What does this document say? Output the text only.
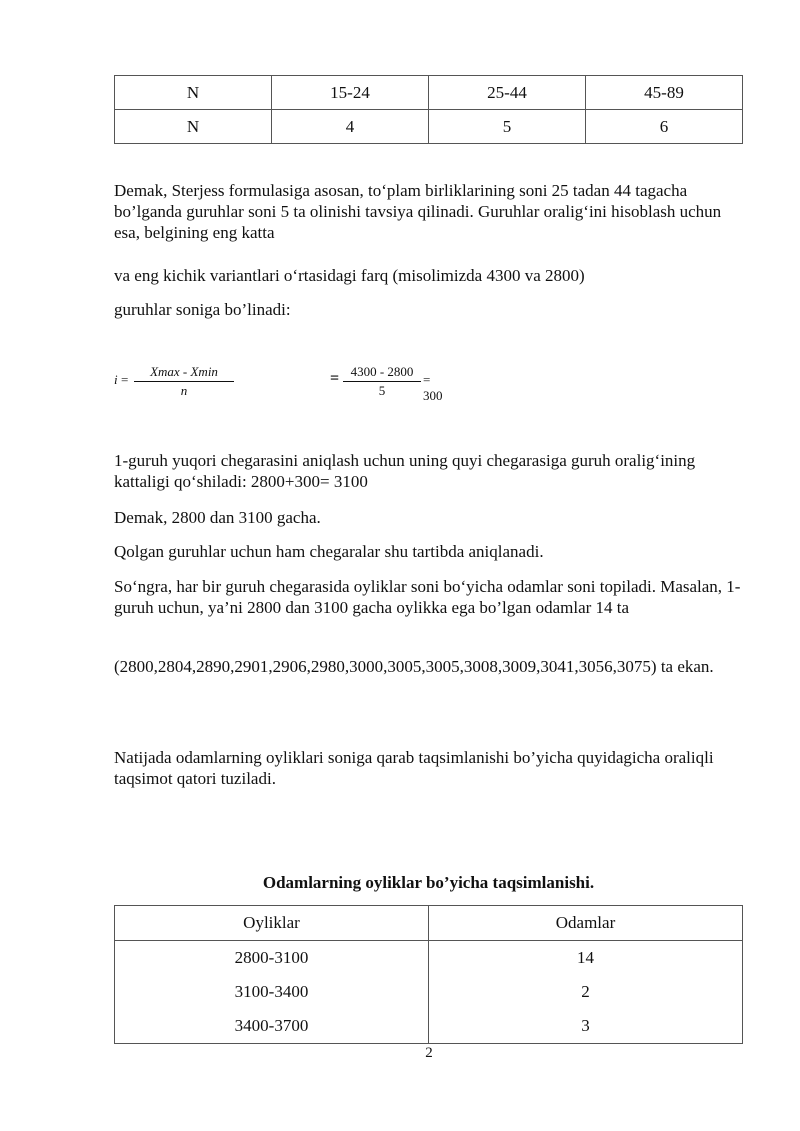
N	15-24	25-44	45-89
N	4	5	6

Demak, Sterjess formulasiga asosan, to‘plam birliklarining soni 25 tadan 44 tagacha bo’lganda guruhlar soni 5 ta olinishi tavsiya qilinadi. Guruhlar oralig‘ini hisoblash uchun esa, belgining eng katta

va eng kichik variantlari o‘rtasidagi farq (misolimizda 4300 va 2800)

guruhlar soniga bo’linadi:

i =
Xmax - Xmin
n
= 4300 - 2800
5
= 300

1-guruh yuqori chegarasini aniqlash uchun uning quyi chegarasiga guruh oralig‘ining kattaligi qo‘shiladi: 2800+300= 3100

Demak, 2800 dan 3100 gacha.

Qolgan guruhlar uchun ham chegaralar shu tartibda aniqlanadi.

So‘ngra, har bir guruh chegarasida oyliklar soni bo‘yicha odamlar soni topiladi. Masalan, 1-guruh uchun, ya’ni 2800 dan 3100 gacha oylikka ega bo’lgan odamlar 14 ta

(2800,2804,2890,2901,2906,2980,3000,3005,3005,3008,3009,3041,3056,3075) ta ekan.

Natijada odamlarning oyliklari soniga qarab taqsimlanishi bo’yicha quyidagicha oraliqli taqsimot qatori tuziladi.

Odamlarning oyliklar bo’yicha taqsimlanishi.
Oyliklar	Odamlar
2800-3100	14
3100-3400	2
3400-3700	3
2
